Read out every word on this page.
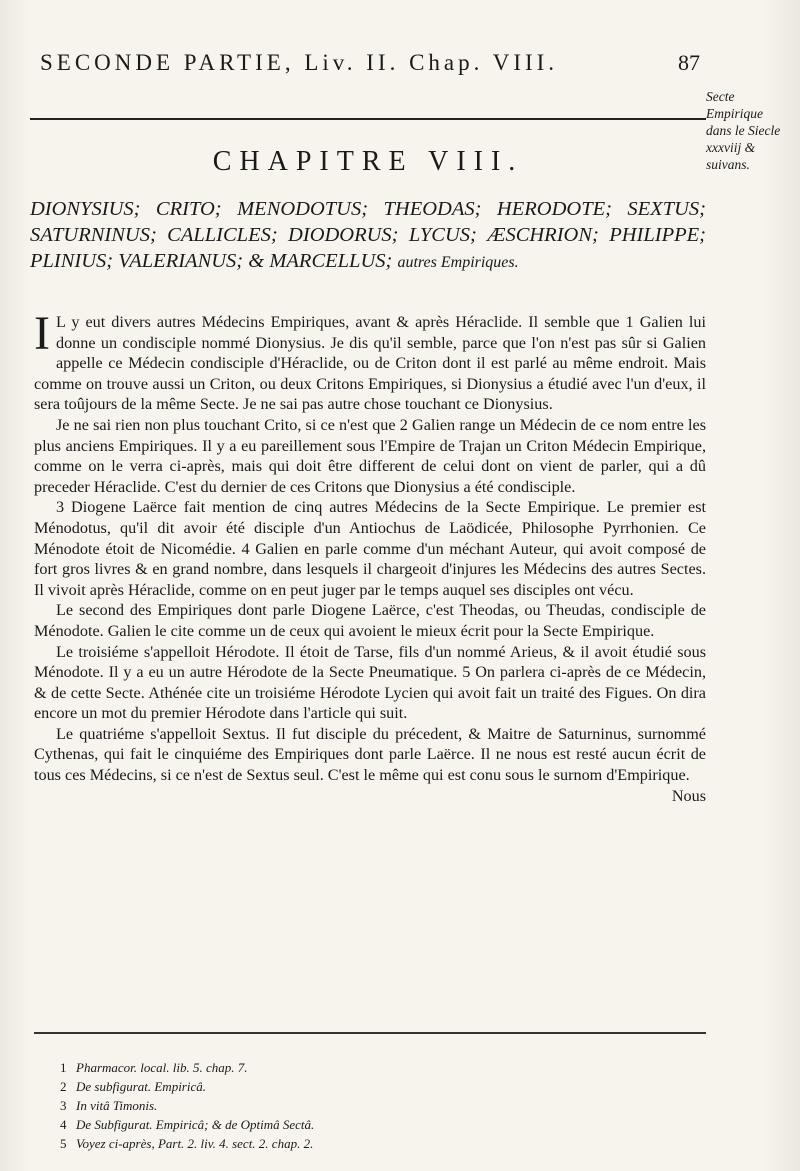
SECONDE PARTIE, Liv. II. Chap. VIII.	87
Secte Empirique dans le Siecle xxxviij & suivans.
CHAPITRE VIII.
DIONYSIUS; CRITO; MENODOTUS; THEODAS; HERODOTE; SEXTUS; SATURNINUS; CALLICLES; DIODORUS; LYCUS; ÆSCHRION; PHILIPPE; PLINIUS; VALERIANUS; & MARCELLUS; autres Empiriques.

I L y eut divers autres Médecins Empiriques, avant & après Héraclide. Il semble que 1 Galien lui donne un condisciple nommé Dionysius. Je dis qu'il semble, parce que l'on n'est pas sûr si Galien appelle ce Médecin condisciple d'Héraclide, ou de Criton dont il est parlé au même endroit. Mais comme on trouve aussi un Criton, ou deux Critons Empiriques, si Dionysius a étudié avec l'un d'eux, il sera toûjours de la même Secte. Je ne sai pas autre chose touchant ce Dionysius.

Je ne sai rien non plus touchant Crito, si ce n'est que 2 Galien range un Médecin de ce nom entre les plus anciens Empiriques. Il y a eu pareillement sous l'Empire de Trajan un Criton Médecin Empirique, comme on le verra ci-après, mais qui doit être different de celui dont on vient de parler, qui a dû preceder Héraclide. C'est du dernier de ces Critons que Dionysius a été condisciple.

3 Diogene Laërce fait mention de cinq autres Médecins de la Secte Empirique. Le premier est Ménodotus, qu'il dit avoir été disciple d'un Antiochus de Laödicée, Philosophe Pyrrhonien. Ce Ménodote étoit de Nicomédie. 4 Galien en parle comme d'un méchant Auteur, qui avoit composé de fort gros livres & en grand nombre, dans lesquels il chargeoit d'injures les Médecins des autres Sectes. Il vivoit après Héraclide, comme on en peut juger par le temps auquel ses disciples ont vécu.

Le second des Empiriques dont parle Diogene Laërce, c'est Theodas, ou Theudas, condisciple de Ménodote. Galien le cite comme un de ceux qui avoient le mieux écrit pour la Secte Empirique.

Le troisiéme s'appelloit Hérodote. Il étoit de Tarse, fils d'un nommé Arieus, & il avoit étudié sous Ménodote. Il y a eu un autre Hérodote de la Secte Pneumatique. 5 On parlera ci-après de ce Médecin, & de cette Secte. Athénée cite un troisiéme Hérodote Lycien qui avoit fait un traité des Figues. On dira encore un mot du premier Hérodote dans l'article qui suit.

Le quatriéme s'appelloit Sextus. Il fut disciple du précedent, & Maitre de Saturninus, surnommé Cythenas, qui fait le cinquiéme des Empiriques dont parle Laërce. Il ne nous est resté aucun écrit de tous ces Médecins, si ce n'est de Sextus seul. C'est le même qui est conu sous le surnom d'Empirique.

Nous
1 Pharmacor. local. lib. 5. chap. 7.
2 De subfigurat. Empiricâ.
3 In vitâ Timonis.
4 De Subfigurat. Empiricâ; & de Optimâ Sectâ.
5 Voyez ci-après, Part. 2. liv. 4. sect. 2. chap. 2.
